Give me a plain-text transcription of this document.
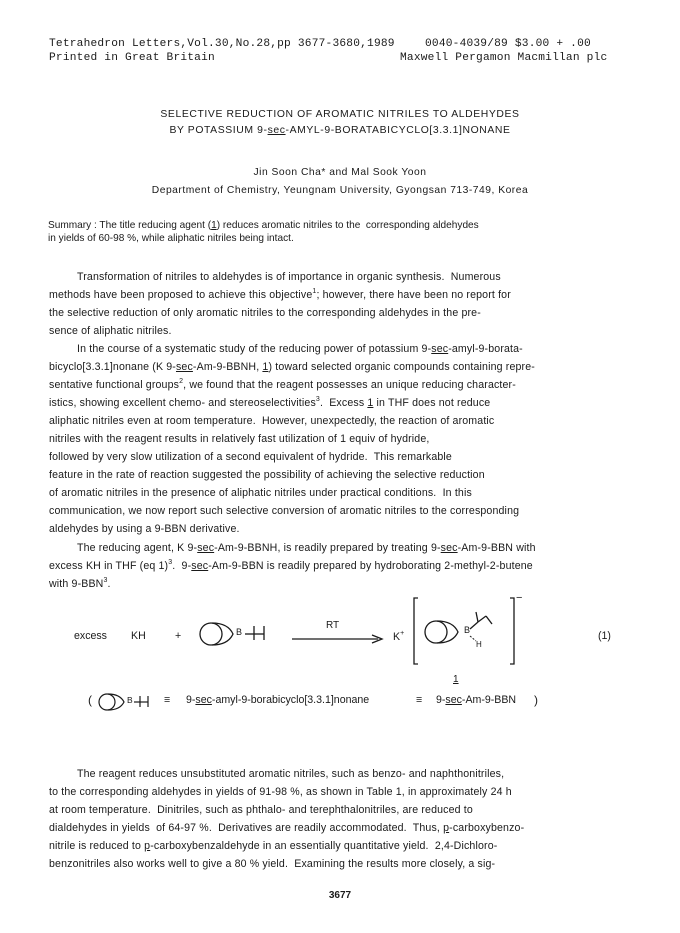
Tetrahedron Letters,Vol.30,No.28,pp 3677-3680,1989	0040-4039/89 $3.00 + .00
Printed in Great Britain	Maxwell Pergamon Macmillan plc
SELECTIVE REDUCTION OF AROMATIC NITRILES TO ALDEHYDES
BY POTASSIUM 9-sec-AMYL-9-BORATABICYCLO[3.3.1]NONANE
Jin Soon Cha* and Mal Sook Yoon
Department of Chemistry, Yeungnam University, Gyongsan 713-749, Korea
Summary : The title reducing agent (1) reduces aromatic nitriles to the  corresponding aldehydes
in yields of 60-98 %, while aliphatic nitriles being intact.
Transformation of nitriles to aldehydes is of importance in organic synthesis.  Numerous
methods have been proposed to achieve this objective$^1$; however, there have been no report for
the selective reduction of only aromatic nitriles to the corresponding aldehydes in the pre-
sence of aliphatic nitriles.
In the course of a systematic study of the reducing power of potassium 9-sec-amyl-9-borata-
bicyclo[3.3.1]nonane (K 9-sec-Am-9-BBNH, 1) toward selected organic compounds containing repre-
sentative functional groups$^2$, we found that the reagent possesses an unique reducing character-
istics, showing excellent chemo- and stereoselectivities$^3$.  Excess 1 in THF does not reduce
aliphatic nitriles even at room temperature.  However, unexpectedly, the reaction of aromatic
nitriles with the reagent results in relatively fast utilization of 1 equiv of hydride,
followed by very slow utilization of a second equivalent of hydride.  This remarkable
feature in the rate of reaction suggested the possibility of achieving the selective reduction
of aromatic nitriles in the presence of aliphatic nitriles under practical conditions.  In this
communication, we now report such selective conversion of aromatic nitriles to the corresponding
aldehydes by using a 9-BBN derivative.
The reducing agent, K 9-sec-Am-9-BBNH, is readily prepared by treating 9-sec-Am-9-BBN with
excess KH in THF (eq 1)$^3$.  9-sec-Am-9-BBN is readily prepared by hydroborating 2-methyl-2-butene
with 9-BBN$^3$.
excess KH	+	B
RT
K+	B
H
−
1
(1)
(	B	≡ 9-sec-amyl-9-borabicyclo[3.3.1]nonane	≡ 9-sec-Am-9-BBN )
The reagent reduces unsubstituted aromatic nitriles, such as benzo- and naphthonitriles,
to the corresponding aldehydes in yields of 91-98 %, as shown in Table 1, in approximately 24 h
at room temperature.  Dinitriles, such as phthalo- and terephthalonitriles, are reduced to
dialdehydes in yields  of 64-97 %.  Derivatives are readily accommodated.  Thus, p-carboxybenzo-
nitrile is reduced to p-carboxybenzaldehyde in an essentially quantitative yield.  2,4-Dichloro-
benzonitriles also works well to give a 80 % yield.  Examining the results more closely, a sig-
3677
